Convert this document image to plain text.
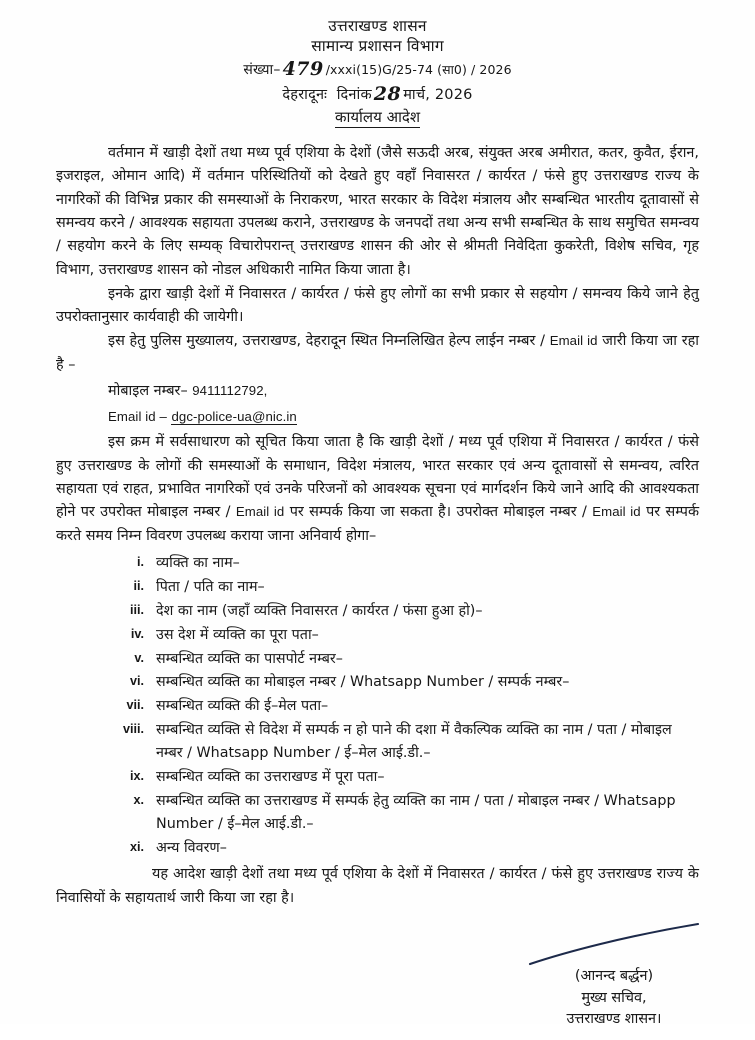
उत्तराखण्ड शासन
सामान्य प्रशासन विभाग
संख्या– 479 /xxxi(15)G/25-74 (सा0) / 2026
देहरादूनः दिनांक 28 मार्च, 2026
कार्यालय आदेश

वर्तमान में खाड़ी देशों तथा मध्य पूर्व एशिया के देशों (जैसे सऊदी अरब, संयुक्त अरब अमीरात, कतर, कुवैत, ईरान, इजराइल, ओमान आदि) में वर्तमान परिस्थितियों को देखते हुए वहाँ निवासरत / कार्यरत / फंसे हुए उत्तराखण्ड राज्य के नागरिकों की विभिन्न प्रकार की समस्याओं के निराकरण, भारत सरकार के विदेश मंत्रालय और सम्बन्धित भारतीय दूतावासों से समन्वय करने / आवश्यक सहायता उपलब्ध कराने, उत्तराखण्ड के जनपदों तथा अन्य सभी सम्बन्धित के साथ समुचित समन्वय / सहयोग करने के लिए सम्यक् विचारोपरान्त् उत्तराखण्ड शासन की ओर से श्रीमती निवेदिता कुकरेती, विशेष सचिव, गृह विभाग, उत्तराखण्ड शासन को नोडल अधिकारी नामित किया जाता है।

इनके द्वारा खाड़ी देशों में निवासरत / कार्यरत / फंसे हुए लोगों का सभी प्रकार से सहयोग / समन्वय किये जाने हेतु उपरोक्तानुसार कार्यवाही की जायेगी।

इस हेतु पुलिस मुख्यालय, उत्तराखण्ड, देहरादून स्थित निम्नलिखित हेल्प लाईन नम्बर / Email id जारी किया जा रहा है –

मोबाइल नम्बर– 9411112792,
Email id – dgc-police-ua@nic.in

इस क्रम में सर्वसाधारण को सूचित किया जाता है कि खाड़ी देशों / मध्य पूर्व एशिया में निवासरत / कार्यरत / फंसे हुए उत्तराखण्ड के लोगों की समस्याओं के समाधान, विदेश मंत्रालय, भारत सरकार एवं अन्य दूतावासों से समन्वय, त्वरित सहायता एवं राहत, प्रभावित नागरिकों एवं उनके परिजनों को आवश्यक सूचना एवं मार्गदर्शन किये जाने आदि की आवश्यकता होने पर उपरोक्त मोबाइल नम्बर / Email id पर सम्पर्क किया जा सकता है। उपरोक्त मोबाइल नम्बर / Email id पर सम्पर्क करते समय निम्न विवरण उपलब्ध कराया जाना अनिवार्य होगा–

i. व्यक्ति का नाम–
ii. पिता / पति का नाम–
iii. देश का नाम (जहाँ व्यक्ति निवासरत / कार्यरत / फंसा हुआ हो)–
iv. उस देश में व्यक्ति का पूरा पता–
v. सम्बन्धित व्यक्ति का पासपोर्ट नम्बर–
vi. सम्बन्धित व्यक्ति का मोबाइल नम्बर / Whatsapp Number / सम्पर्क नम्बर–
vii. सम्बन्धित व्यक्ति की ई–मेल पता–
viii. सम्बन्धित व्यक्ति से विदेश में सम्पर्क न हो पाने की दशा में वैकल्पिक व्यक्ति का नाम / पता / मोबाइल नम्बर / Whatsapp Number / ई–मेल आई.डी.–
ix. सम्बन्धित व्यक्ति का उत्तराखण्ड में पूरा पता–
x. सम्बन्धित व्यक्ति का उत्तराखण्ड में सम्पर्क हेतु व्यक्ति का नाम / पता / मोबाइल नम्बर / Whatsapp Number / ई–मेल आई.डी.–
xi. अन्य विवरण–

यह आदेश खाड़ी देशों तथा मध्य पूर्व एशिया के देशों में निवासरत / कार्यरत / फंसे हुए उत्तराखण्ड राज्य के निवासियों के सहायतार्थ जारी किया जा रहा है।

(आनन्द बर्द्धन)
मुख्य सचिव,
उत्तराखण्ड शासन।
